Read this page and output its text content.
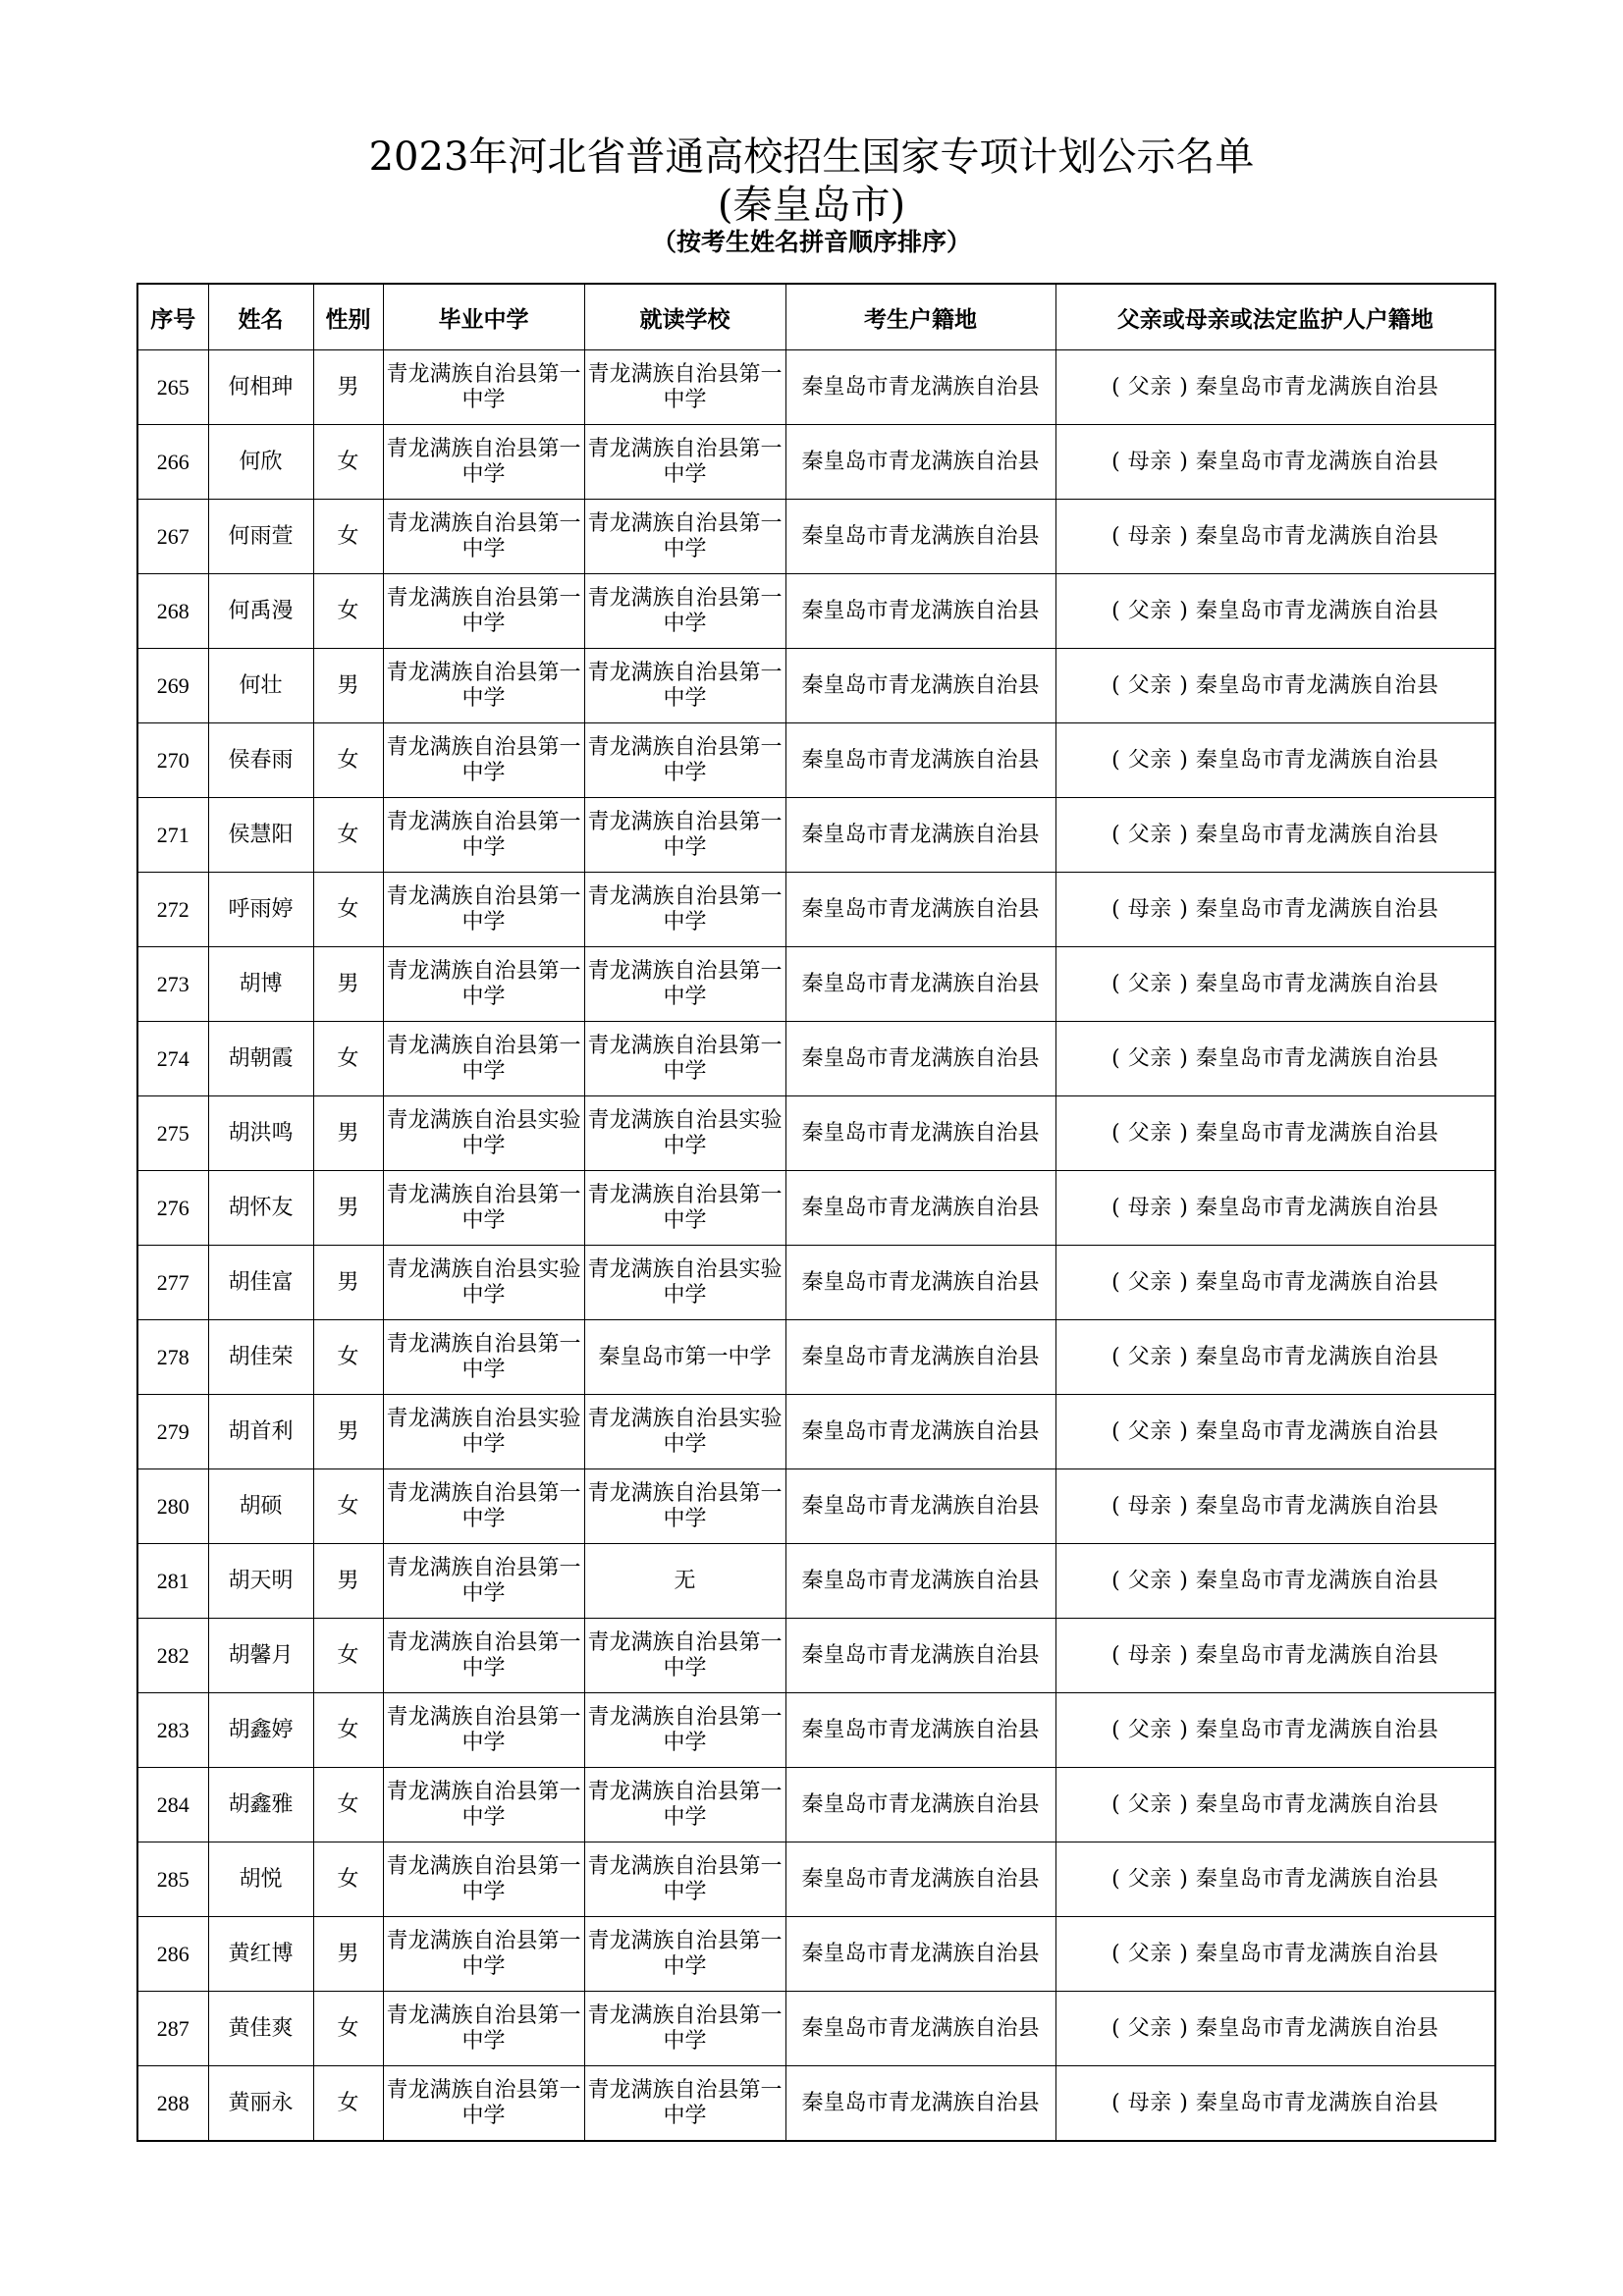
2023年河北省普通高校招生国家专项计划公示名单
(秦皇岛市)
（按考生姓名拼音顺序排序）
序号	姓名	性别	毕业中学	就读学校	考生户籍地	父亲或母亲或法定监护人户籍地
265	何相珅	男	青龙满族自治县第一中学	青龙满族自治县第一中学	秦皇岛市青龙满族自治县	( 父亲 ) 秦皇岛市青龙满族自治县
266	何欣	女	青龙满族自治县第一中学	青龙满族自治县第一中学	秦皇岛市青龙满族自治县	( 母亲 ) 秦皇岛市青龙满族自治县
267	何雨萱	女	青龙满族自治县第一中学	青龙满族自治县第一中学	秦皇岛市青龙满族自治县	( 母亲 ) 秦皇岛市青龙满族自治县
268	何禹漫	女	青龙满族自治县第一中学	青龙满族自治县第一中学	秦皇岛市青龙满族自治县	( 父亲 ) 秦皇岛市青龙满族自治县
269	何壮	男	青龙满族自治县第一中学	青龙满族自治县第一中学	秦皇岛市青龙满族自治县	( 父亲 ) 秦皇岛市青龙满族自治县
270	侯春雨	女	青龙满族自治县第一中学	青龙满族自治县第一中学	秦皇岛市青龙满族自治县	( 父亲 ) 秦皇岛市青龙满族自治县
271	侯慧阳	女	青龙满族自治县第一中学	青龙满族自治县第一中学	秦皇岛市青龙满族自治县	( 父亲 ) 秦皇岛市青龙满族自治县
272	呼雨婷	女	青龙满族自治县第一中学	青龙满族自治县第一中学	秦皇岛市青龙满族自治县	( 母亲 ) 秦皇岛市青龙满族自治县
273	胡博	男	青龙满族自治县第一中学	青龙满族自治县第一中学	秦皇岛市青龙满族自治县	( 父亲 ) 秦皇岛市青龙满族自治县
274	胡朝霞	女	青龙满族自治县第一中学	青龙满族自治县第一中学	秦皇岛市青龙满族自治县	( 父亲 ) 秦皇岛市青龙满族自治县
275	胡洪鸣	男	青龙满族自治县实验中学	青龙满族自治县实验中学	秦皇岛市青龙满族自治县	( 父亲 ) 秦皇岛市青龙满族自治县
276	胡怀友	男	青龙满族自治县第一中学	青龙满族自治县第一中学	秦皇岛市青龙满族自治县	( 母亲 ) 秦皇岛市青龙满族自治县
277	胡佳富	男	青龙满族自治县实验中学	青龙满族自治县实验中学	秦皇岛市青龙满族自治县	( 父亲 ) 秦皇岛市青龙满族自治县
278	胡佳荣	女	青龙满族自治县第一中学	秦皇岛市第一中学	秦皇岛市青龙满族自治县	( 父亲 ) 秦皇岛市青龙满族自治县
279	胡首利	男	青龙满族自治县实验中学	青龙满族自治县实验中学	秦皇岛市青龙满族自治县	( 父亲 ) 秦皇岛市青龙满族自治县
280	胡硕	女	青龙满族自治县第一中学	青龙满族自治县第一中学	秦皇岛市青龙满族自治县	( 母亲 ) 秦皇岛市青龙满族自治县
281	胡天明	男	青龙满族自治县第一中学	无	秦皇岛市青龙满族自治县	( 父亲 ) 秦皇岛市青龙满族自治县
282	胡馨月	女	青龙满族自治县第一中学	青龙满族自治县第一中学	秦皇岛市青龙满族自治县	( 母亲 ) 秦皇岛市青龙满族自治县
283	胡鑫婷	女	青龙满族自治县第一中学	青龙满族自治县第一中学	秦皇岛市青龙满族自治县	( 父亲 ) 秦皇岛市青龙满族自治县
284	胡鑫雅	女	青龙满族自治县第一中学	青龙满族自治县第一中学	秦皇岛市青龙满族自治县	( 父亲 ) 秦皇岛市青龙满族自治县
285	胡悦	女	青龙满族自治县第一中学	青龙满族自治县第一中学	秦皇岛市青龙满族自治县	( 父亲 ) 秦皇岛市青龙满族自治县
286	黄红博	男	青龙满族自治县第一中学	青龙满族自治县第一中学	秦皇岛市青龙满族自治县	( 父亲 ) 秦皇岛市青龙满族自治县
287	黄佳爽	女	青龙满族自治县第一中学	青龙满族自治县第一中学	秦皇岛市青龙满族自治县	( 父亲 ) 秦皇岛市青龙满族自治县
288	黄丽永	女	青龙满族自治县第一中学	青龙满族自治县第一中学	秦皇岛市青龙满族自治县	( 母亲 ) 秦皇岛市青龙满族自治县
